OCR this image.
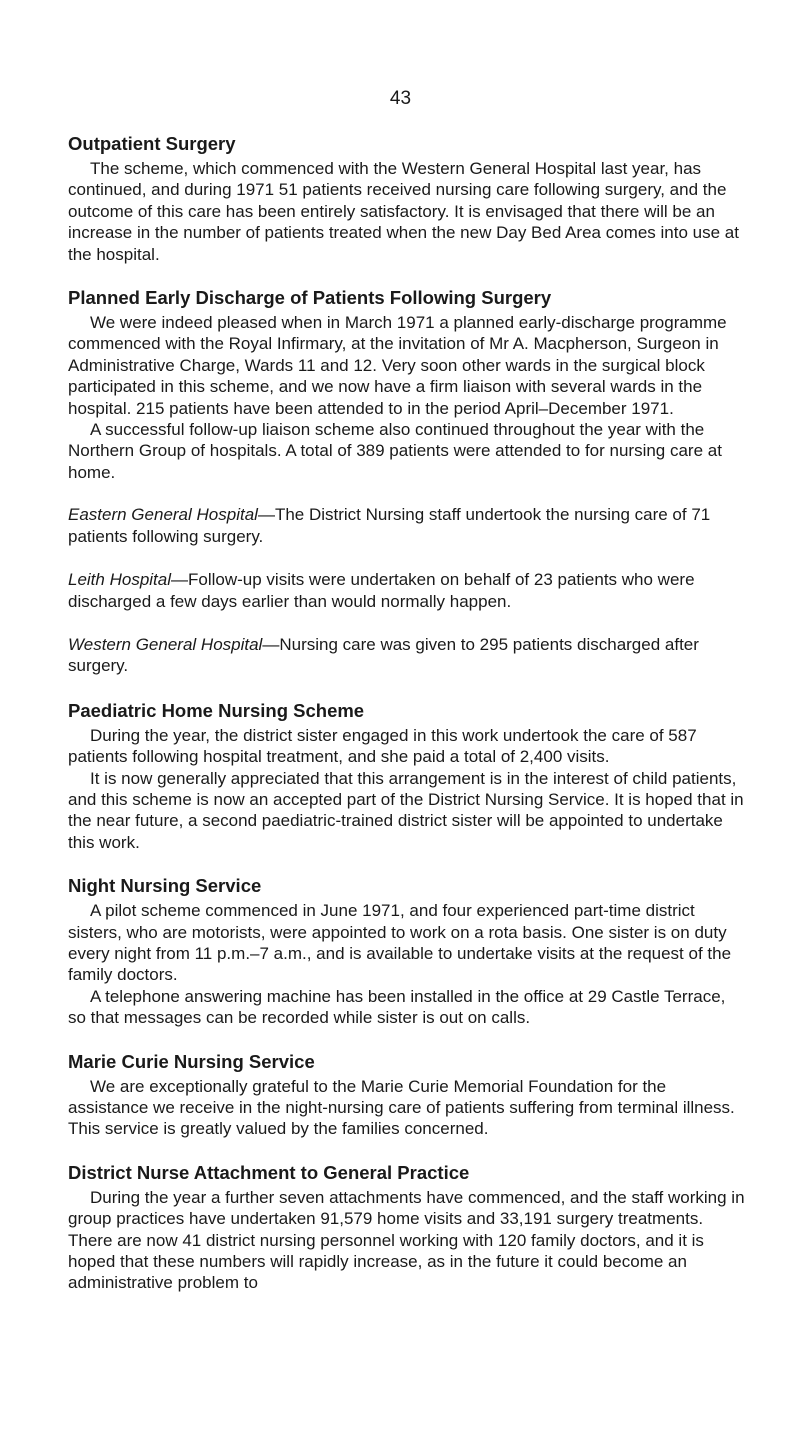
43
Outpatient Surgery

The scheme, which commenced with the Western General Hospital last year, has continued, and during 1971 51 patients received nursing care following surgery, and the outcome of this care has been entirely satisfactory. It is envisaged that there will be an increase in the number of patients treated when the new Day Bed Area comes into use at the hospital.

Planned Early Discharge of Patients Following Surgery

We were indeed pleased when in March 1971 a planned early-discharge programme commenced with the Royal Infirmary, at the invitation of Mr A. Macpherson, Surgeon in Administrative Charge, Wards 11 and 12. Very soon other wards in the surgical block participated in this scheme, and we now have a firm liaison with several wards in the hospital. 215 patients have been attended to in the period April–December 1971.

A successful follow-up liaison scheme also continued throughout the year with the Northern Group of hospitals. A total of 389 patients were attended to for nursing care at home.

Eastern General Hospital—The District Nursing staff undertook the nursing care of 71 patients following surgery.

Leith Hospital—Follow-up visits were undertaken on behalf of 23 patients who were discharged a few days earlier than would normally happen.

Western General Hospital—Nursing care was given to 295 patients discharged after surgery.

Paediatric Home Nursing Scheme

During the year, the district sister engaged in this work undertook the care of 587 patients following hospital treatment, and she paid a total of 2,400 visits.

It is now generally appreciated that this arrangement is in the interest of child patients, and this scheme is now an accepted part of the District Nursing Service. It is hoped that in the near future, a second paediatric-trained district sister will be appointed to undertake this work.

Night Nursing Service

A pilot scheme commenced in June 1971, and four experienced part-time district sisters, who are motorists, were appointed to work on a rota basis. One sister is on duty every night from 11 p.m.–7 a.m., and is available to undertake visits at the request of the family doctors.

A telephone answering machine has been installed in the office at 29 Castle Terrace, so that messages can be recorded while sister is out on calls.

Marie Curie Nursing Service

We are exceptionally grateful to the Marie Curie Memorial Foundation for the assistance we receive in the night-nursing care of patients suffering from terminal illness. This service is greatly valued by the families concerned.

District Nurse Attachment to General Practice

During the year a further seven attachments have commenced, and the staff working in group practices have undertaken 91,579 home visits and 33,191 surgery treatments. There are now 41 district nursing personnel working with 120 family doctors, and it is hoped that these numbers will rapidly increase, as in the future it could become an administrative problem to
